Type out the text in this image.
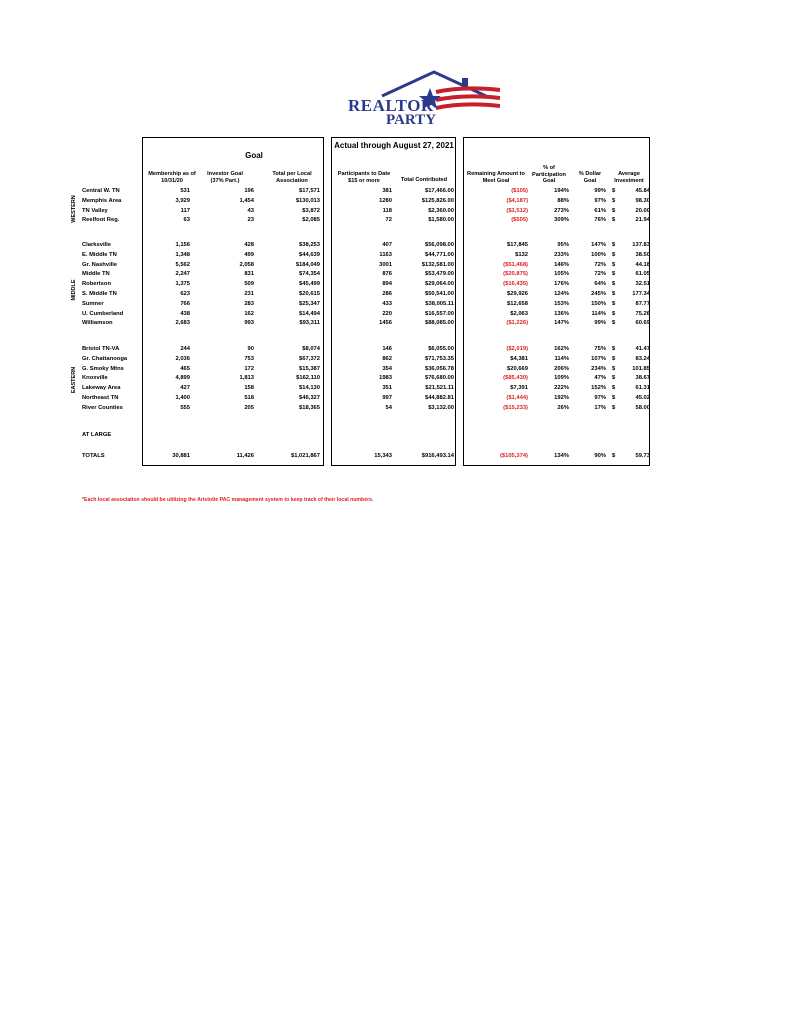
REALTOR
PARTY
Goal
Actual through August 27, 2021
Membership as of 10/31/20
Investor Goal (37% Part.)
Total per Local Association
Participants to Date $15 or more	Total Contributed
Remaining Amount to Meet Goal
% of Participation Goal
% Dollar Goal
Average Investment
WESTERN
MIDDLE
EASTERN
Central W. TN	531	196	$17,571	381	$17,466.00	($105)	194%	99% $	45.84
Memphis Area	3,929	1,454	$130,013	1280	$125,826.00	($4,187)	88%	97% $	98.30
TN Valley	117	43	$3,872	118	$2,360.00	($1,512)	273%	61% $	20.00
Reelfoot Reg.	63	23	$2,085	72	$1,580.00	($505)	309%	76% $	21.94
Clarksville	1,156	428	$38,253	407	$56,098.00	$17,845	95%	147% $	137.83
E. Middle TN	1,348	499	$44,639	1163	$44,771.00	$132	233%	100% $	38.50
Gr. Nashville	5,562	2,058	$184,049	3001	$132,581.00	($51,468)	146%	72% $	44.18
Middle TN	2,247	831	$74,354	876	$53,479.00	($20,875)	105%	72% $	61.05
Robertson	1,375	509	$45,499	894	$29,064.00	($16,435)	176%	64% $	32.51
S. Middle TN	623	231	$20,615	286	$50,541.00	$29,926	124%	245% $	177.34
Sumner	766	283	$25,347	433	$38,005.11	$12,658	153%	150% $	87.77
U. Cumberland	438	162	$14,494	220	$16,557.00	$2,063	136%	114% $	75.26
Williamson	2,683	993	$93,311	1456	$88,085.00	($1,226)	147%	99% $	60.69
Bristol TN-VA	244	90	$8,074	146	$6,055.00	($2,019)	162%	75% $	41.47
Gr. Chattanooga	2,036	753	$67,372	862	$71,753.35	$4,381	114%	107% $	83.24
G. Smoky Mtns	465	172	$15,387	354	$36,056.78	$20,669	206%	234% $	101.85
Knoxville	4,899	1,813	$162,110	1983	$76,680.00	($85,430)	109%	47% $	38.67
Lakeway Area	427	158	$14,130	351	$21,521.11	$7,391	222%	152% $	61.31
Northeast TN	1,400	518	$46,327	997	$44,882.81	($1,444)	192%	97% $	45.02
River Counties	555	205	$18,365	54	$3,132.00	($15,233)	26%	17% $	58.00
AT LARGE
TOTALS	30,881	11,426	$1,021,867	15,343	$916,493.14	($105,374)	134%	90% $	59.73
*Each local association should be utilizing the Aristotle PAC management system to keep track of their local numbers.
